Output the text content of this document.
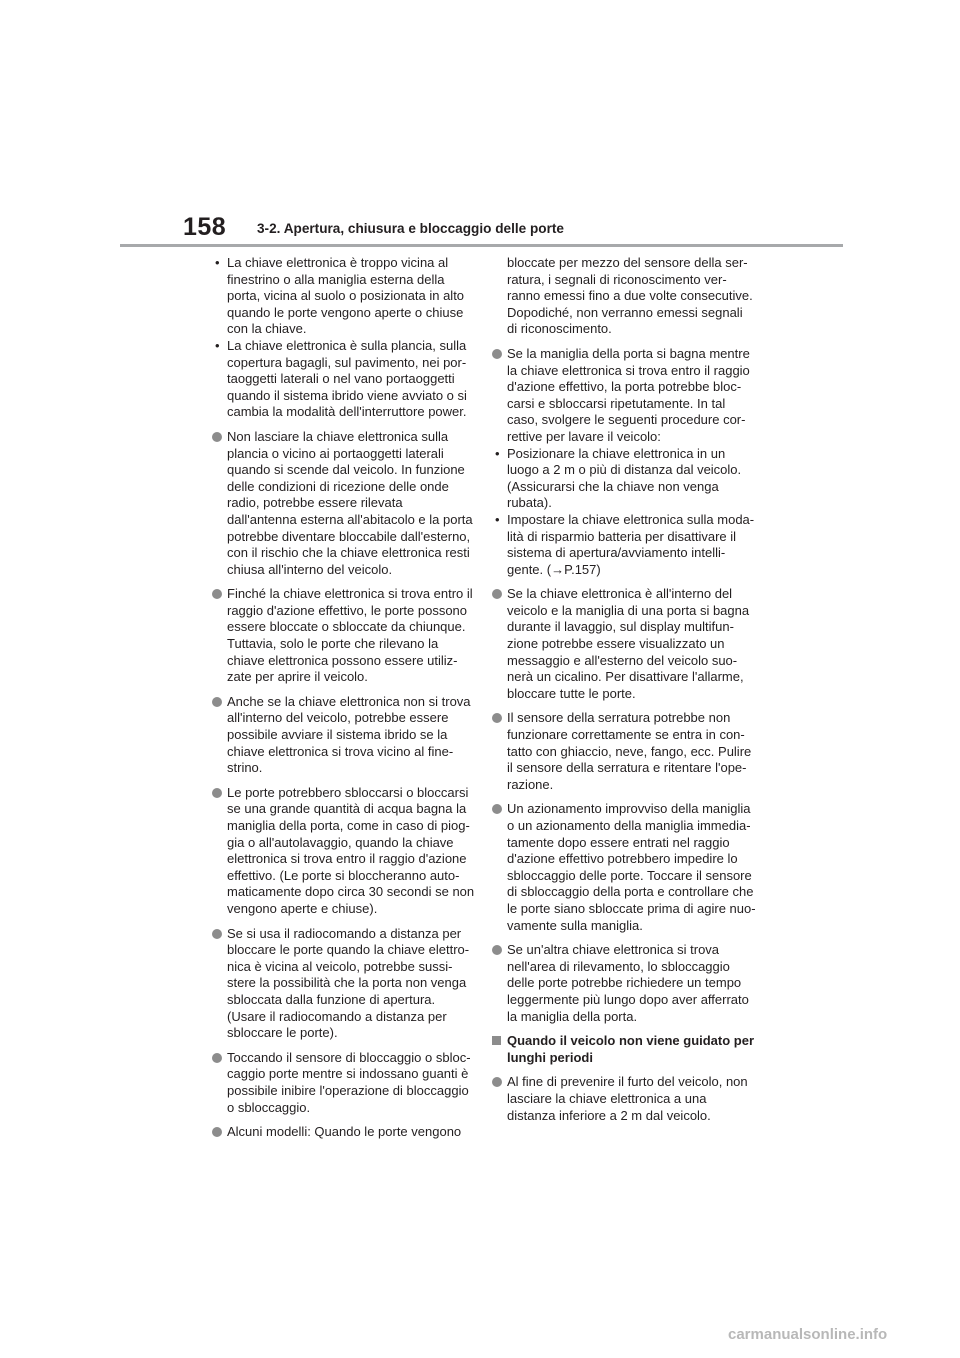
158 3-2. Apertura, chiusura e bloccaggio delle porte
• La chiave elettronica è troppo vicina al
finestrino o alla maniglia esterna della
porta, vicina al suolo o posizionata in alto
quando le porte vengono aperte o chiuse
con la chiave.
• La chiave elettronica è sulla plancia, sulla
copertura bagagli, sul pavimento, nei por-
taoggetti laterali o nel vano portaoggetti
quando il sistema ibrido viene avviato o si
cambia la modalità dell'interruttore power.
Non lasciare la chiave elettronica sulla
plancia o vicino ai portaoggetti laterali
quando si scende dal veicolo. In funzione
delle condizioni di ricezione delle onde
radio, potrebbe essere rilevata
dall'antenna esterna all'abitacolo e la porta
potrebbe diventare bloccabile dall'esterno,
con il rischio che la chiave elettronica resti
chiusa all'interno del veicolo.
Finché la chiave elettronica si trova entro il
raggio d'azione effettivo, le porte possono
essere bloccate o sbloccate da chiunque.
Tuttavia, solo le porte che rilevano la
chiave elettronica possono essere utiliz-
zate per aprire il veicolo.
Anche se la chiave elettronica non si trova
all'interno del veicolo, potrebbe essere
possibile avviare il sistema ibrido se la
chiave elettronica si trova vicino al fine-
strino.
Le porte potrebbero sbloccarsi o bloccarsi
se una grande quantità di acqua bagna la
maniglia della porta, come in caso di piog-
gia o all'autolavaggio, quando la chiave
elettronica si trova entro il raggio d'azione
effettivo. (Le porte si bloccheranno auto-
maticamente dopo circa 30 secondi se non
vengono aperte e chiuse).
Se si usa il radiocomando a distanza per
bloccare le porte quando la chiave elettro-
nica è vicina al veicolo, potrebbe sussi-
stere la possibilità che la porta non venga
sbloccata dalla funzione di apertura.
(Usare il radiocomando a distanza per
sbloccare le porte).
Toccando il sensore di bloccaggio o sbloc-
caggio porte mentre si indossano guanti è
possibile inibire l'operazione di bloccaggio
o sbloccaggio.
Alcuni modelli: Quando le porte vengono
bloccate per mezzo del sensore della ser-
ratura, i segnali di riconoscimento ver-
ranno emessi fino a due volte consecutive.
Dopodiché, non verranno emessi segnali
di riconoscimento.
Se la maniglia della porta si bagna mentre
la chiave elettronica si trova entro il raggio
d'azione effettivo, la porta potrebbe bloc-
carsi e sbloccarsi ripetutamente. In tal
caso, svolgere le seguenti procedure cor-
rettive per lavare il veicolo:
• Posizionare la chiave elettronica in un
luogo a 2 m o più di distanza dal veicolo.
(Assicurarsi che la chiave non venga
rubata).
• Impostare la chiave elettronica sulla moda-
lità di risparmio batteria per disattivare il
sistema di apertura/avviamento intelli-
gente. (→P.157)
Se la chiave elettronica è all'interno del
veicolo e la maniglia di una porta si bagna
durante il lavaggio, sul display multifun-
zione potrebbe essere visualizzato un
messaggio e all'esterno del veicolo suo-
nerà un cicalino. Per disattivare l'allarme,
bloccare tutte le porte.
Il sensore della serratura potrebbe non
funzionare correttamente se entra in con-
tatto con ghiaccio, neve, fango, ecc. Pulire
il sensore della serratura e ritentare l'ope-
razione.
Un azionamento improvviso della maniglia
o un azionamento della maniglia immedia-
tamente dopo essere entrati nel raggio
d'azione effettivo potrebbero impedire lo
sbloccaggio delle porte. Toccare il sensore
di sbloccaggio della porta e controllare che
le porte siano sbloccate prima di agire nuo-
vamente sulla maniglia.
Se un'altra chiave elettronica si trova
nell'area di rilevamento, lo sbloccaggio
delle porte potrebbe richiedere un tempo
leggermente più lungo dopo aver afferrato
la maniglia della porta.
Quando il veicolo non viene guidato per
lunghi periodi
Al fine di prevenire il furto del veicolo, non
lasciare la chiave elettronica a una
distanza inferiore a 2 m dal veicolo.
carmanualsonline.info
